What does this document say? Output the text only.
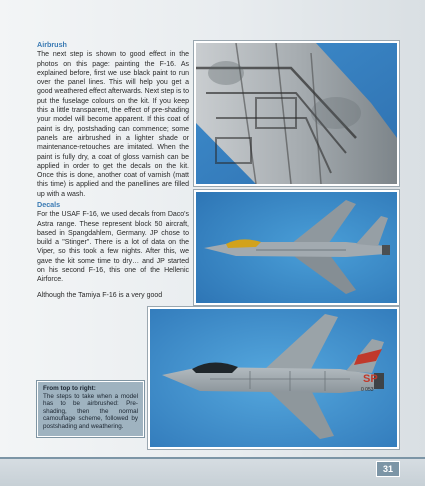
Airbrush

The next step is shown to good effect in the photos on this page: painting the F-16. As explained before, first we use black paint to run over the panel lines. This will help you get a good weathered effect afterwards. Next step is to put the fuselage colours on the kit. If you keep this a little transparent, the effect of pre-shading your model will become apparent. If this coat of paint is dry, postshading can commence; some panels are airbrushed in a lighter shade or maintenance-retouches are imitated. When the paint is fully dry, a coat of gloss varnish can be applied in order to get the decals on the kit. Once this is done, another coat of varnish (matt this time) is applied and the panellines are filled up with a wash.

Decals

For the USAF F-16, we used decals from Daco's Astra range. These represent block 50 aircraft, based in Spangdahlem, Germany. JP chose to build a "Stinger". There is a lot of data on the Viper, so this took a few nights. After this, we gave the kit some time to dry… and JP started on his second F-16, this one of the Hellenic Airforce.

Although the Tamiya F-16 is a very good

SP
0 053

From top to right:

The steps to take when a model has to be airbrushed: Pre-shading, then the normal camouflage scheme, followed by postshading and weathering.

31
